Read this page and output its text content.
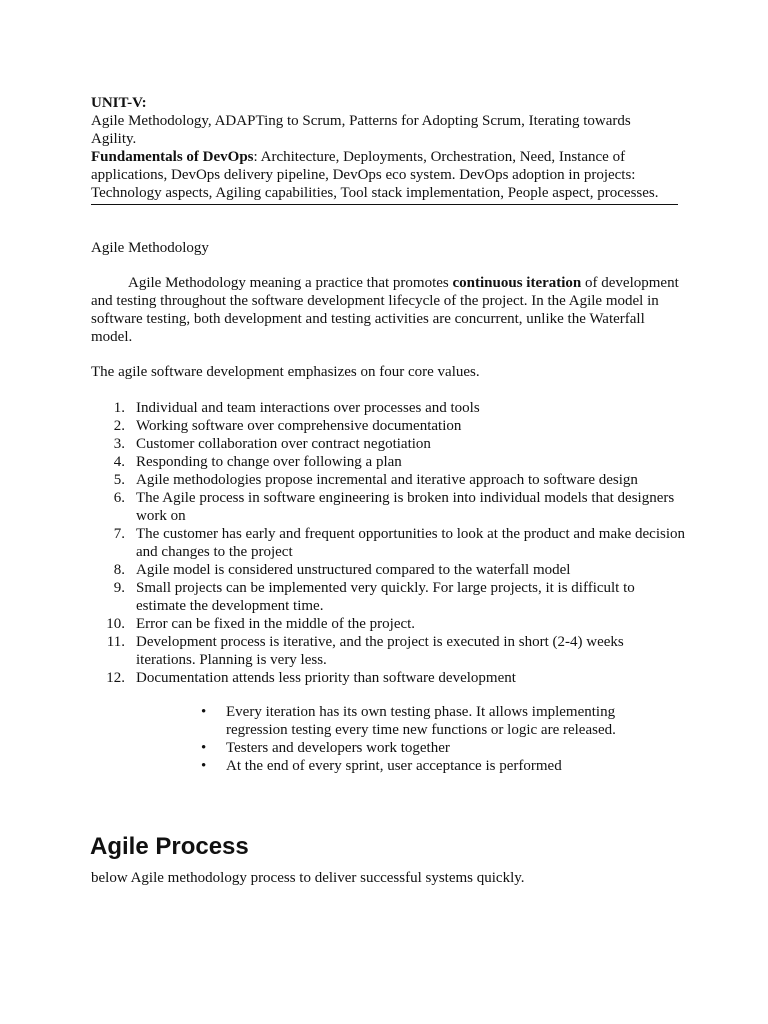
UNIT-V:
Agile Methodology, ADAPTing to Scrum, Patterns for Adopting Scrum, Iterating towards Agility.
Fundamentals of DevOps: Architecture, Deployments, Orchestration, Need, Instance of applications, DevOps delivery pipeline, DevOps eco system. DevOps adoption in projects: Technology aspects, Agiling capabilities, Tool stack implementation, People aspect, processes.
Agile Methodology
Agile Methodology meaning a practice that promotes continuous iteration of development and testing throughout the software development lifecycle of the project. In the Agile model in software testing, both development and testing activities are concurrent, unlike the Waterfall model.
The agile software development emphasizes on four core values.
1. Individual and team interactions over processes and tools
2. Working software over comprehensive documentation
3. Customer collaboration over contract negotiation
4. Responding to change over following a plan
5. Agile methodologies propose incremental and iterative approach to software design
6. The Agile process in software engineering is broken into individual models that designers work on
7. The customer has early and frequent opportunities to look at the product and make decision and changes to the project
8. Agile model is considered unstructured compared to the waterfall model
9. Small projects can be implemented very quickly. For large projects, it is difficult to estimate the development time.
10. Error can be fixed in the middle of the project.
11. Development process is iterative, and the project is executed in short (2-4) weeks iterations. Planning is very less.
12. Documentation attends less priority than software development
• Every iteration has its own testing phase. It allows implementing regression testing every time new functions or logic are released.
• Testers and developers work together
• At the end of every sprint, user acceptance is performed
Agile Process
below Agile methodology process to deliver successful systems quickly.
